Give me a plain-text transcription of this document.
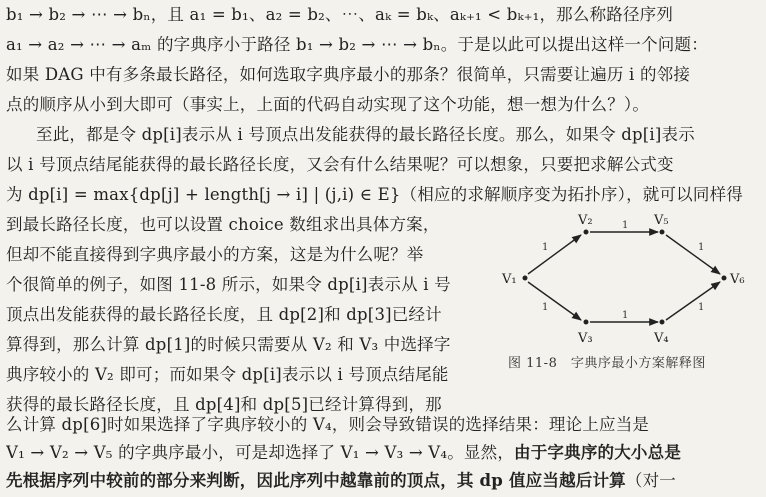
b₁ → b₂ → ⋯ → bₙ，且 a₁ = b₁、a₂ = b₂、⋯、aₖ = bₖ、aₖ₊₁ < bₖ₊₁，那么称路径序列
a₁ → a₂ → ⋯ → aₘ 的字典序小于路径 b₁ → b₂ → ⋯ → bₙ。于是以此可以提出这样一个问题：
如果 DAG 中有多条最长路径，如何选取字典序最小的那条？很简单，只需要让遍历 i 的邻接
点的顺序从小到大即可（事实上，上面的代码自动实现了这个功能，想一想为什么？）。
至此，都是令 dp[i]表示从 i 号顶点出发能获得的最长路径长度。那么，如果令 dp[i]表示
以 i 号顶点结尾能获得的最长路径长度，又会有什么结果呢？可以想象，只要把求解公式变
为 dp[i] = max{dp[j] + length[j → i] | (j,i) ∈ E}（相应的求解顺序变为拓扑序），就可以同样得
到最长路径长度，也可以设置 choice 数组求出具体方案，
但却不能直接得到字典序最小的方案，这是为什么呢？举
个很简单的例子，如图 11-8 所示，如果令 dp[i]表示从 i 号
顶点出发能获得的最长路径长度，且 dp[2]和 dp[3]已经计
算得到，那么计算 dp[1]的时候只需要从 V₂ 和 V₃ 中选择字
典序较小的 V₂ 即可；而如果令 dp[i]表示以 i 号顶点结尾能
获得的最长路径长度，且 dp[4]和 dp[5]已经计算得到，那
么计算 dp[6]时如果选择了字典序较小的 V₄，则会导致错误的选择结果：理论上应当是
V₁ → V₂ → V₅ 的字典序最小，可是却选择了 V₁ → V₃ → V₄。显然，由于字典序的大小总是
先根据序列中较前的部分来判断，因此序列中越靠前的顶点，其 dp 值应当越后计算（对一
V₁
V₂	V₅
V₆
V₃	V₄
1
1
1
1
1
1
图 11-8　字典序最小方案解释图
